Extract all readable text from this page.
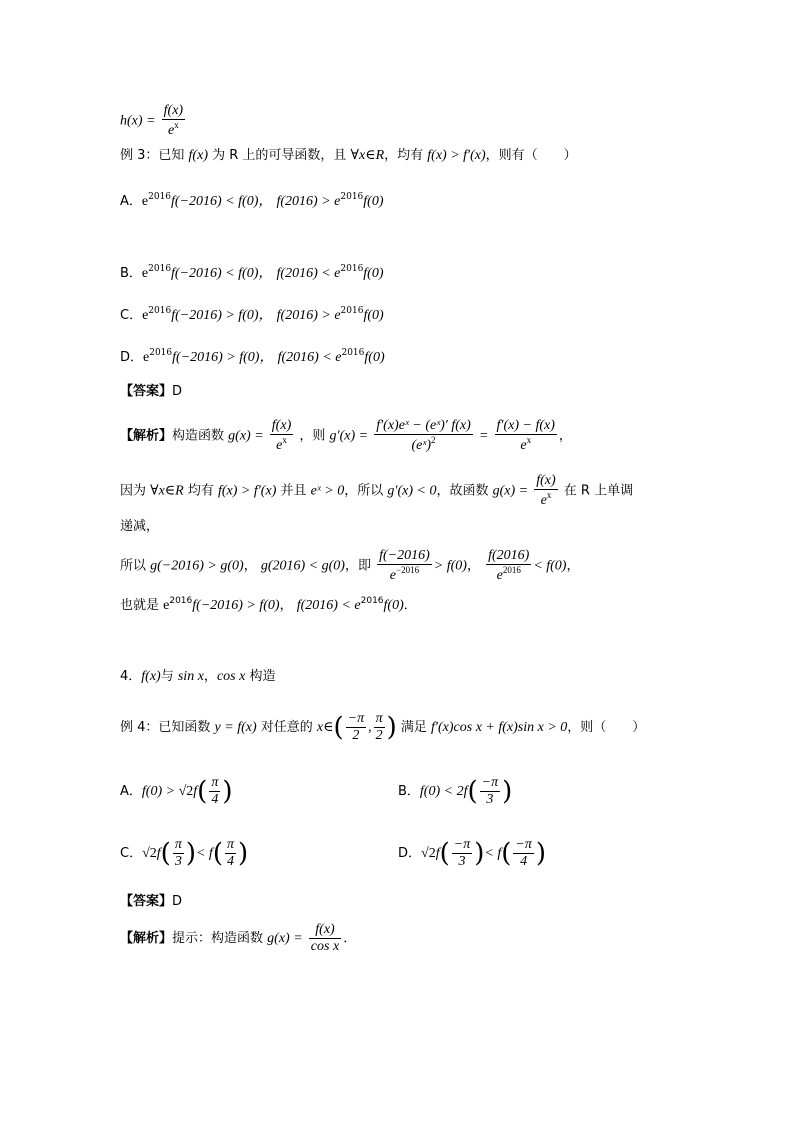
$h(x) = \frac{f(x)}{e^x}$
例 3：已知 f(x) 为 R 上的可导函数，且 ∀x∈R，均有 f(x) > f′(x)，则有（　　）
A．$e^{2016}f(-2016) < f(0)$， $f(2016) > e^{2016}f(0)$
B．$e^{2016}f(-2016) < f(0)$， $f(2016) < e^{2016}f(0)$
C．$e^{2016}f(-2016) > f(0)$， $f(2016) > e^{2016}f(0)$
D．$e^{2016}f(-2016) > f(0)$， $f(2016) < e^{2016}f(0)$
【答案】D
【解析】构造函数 $g(x) = \frac{f(x)}{e^x}$ ，则 $g'(x) = \frac{\text{f′(x)eˣ − (eˣ)′ f(x)}}{(eˣ)^2} = \frac{f'(x) - f(x)}{e^x}$ ，
因为 ∀x∈R 均有 f(x) > f′(x) 并且 eˣ > 0，所以 g′(x) < 0，故函数 $g(x) = \frac{f(x)}{e^x}$ 在 R 上单调
递减，
所以 g(−2016) > g(0)， g(2016) < g(0)，即 $\frac{f(-2016)}{e^{-2016}} > f(0)$， $\frac{f(2016)}{e^{2016}} < f(0)$，
也就是 $e^{2016}f(-2016) > f(0)$， $f(2016) < e^{2016}f(0)$．
4．f(x)与 sin x，cos x 构造
例 4：已知函数 y = f(x) 对任意的 x∈( $\frac{-\pi}{2}$ , $\frac{\pi}{2}$ ) 满足 f′(x)cos x + f(x)sin x > 0，则（　　）
A．$f(0) > √2f( \frac{\pi}{4}$ )	B．$f(0) < 2f( \frac{-\pi}{3}$ )
C．$√2f( \frac{\pi}{3}$ )< $f( \frac{\pi}{4}$ )	D．$√2f( \frac{-\pi}{3}$ )< $f( \frac{-\pi}{4}$ )
【答案】D
【解析】提示：构造函数 $g(x) = \frac{f(x)}{\text{cos x}}$ ．
